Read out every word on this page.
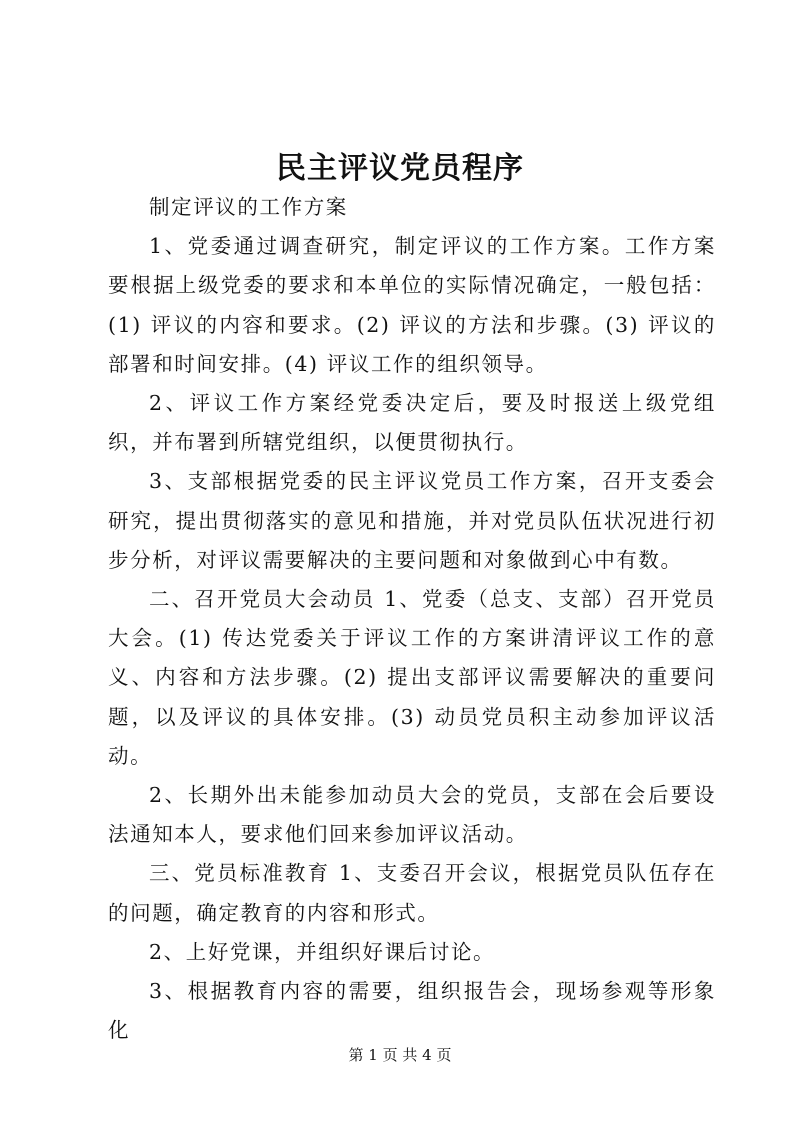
民主评议党员程序

制定评议的工作方案

1、党委通过调查研究，制定评议的工作方案。工作方案要根据上级党委的要求和本单位的实际情况确定，一般包括：(1) 评议的内容和要求。(2) 评议的方法和步骤。(3) 评议的部署和时间安排。(4) 评议工作的组织领导。

2、评议工作方案经党委决定后，要及时报送上级党组织，并布署到所辖党组织，以便贯彻执行。

3、支部根据党委的民主评议党员工作方案，召开支委会研究，提出贯彻落实的意见和措施，并对党员队伍状况进行初步分析，对评议需要解决的主要问题和对象做到心中有数。

二、召开党员大会动员 1、党委（总支、支部）召开党员大会。(1) 传达党委关于评议工作的方案讲清评议工作的意义、内容和方法步骤。(2) 提出支部评议需要解决的重要问题，以及评议的具体安排。(3) 动员党员积主动参加评议活动。

2、长期外出未能参加动员大会的党员，支部在会后要设法通知本人，要求他们回来参加评议活动。

三、党员标准教育 1、支委召开会议，根据党员队伍存在的问题，确定教育的内容和形式。

2、上好党课，并组织好课后讨论。

3、根据教育内容的需要，组织报告会，现场参观等形象化

第 1 页 共 4 页
